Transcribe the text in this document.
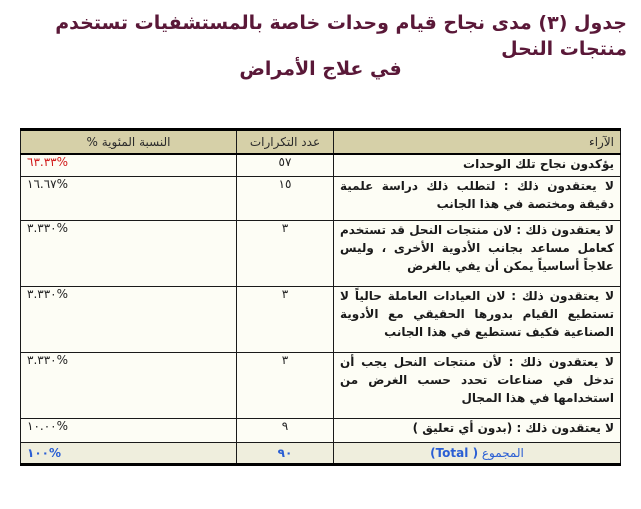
جدول (٣) مدى نجاح قيام وحدات خاصة بالمستشفيات تستخدم منتجات النحل
في علاج الأمراض
الآراء	عدد التكرارات	النسبة المئوية %
يؤكدون نجاح تلك الوحدات	٥٧	%٦٣.٣٣
لا يعتقدون ذلك : لتطلب ذلك دراسة علمية دقيقة ومختصة في هذا الجانب	١٥	%١٦.٦٧
لا يعتقدون ذلك : لان منتجات النحل قد تستخدم كعامل مساعد بجانب الأدوية الأخرى ، وليس علاجاً أساسياً يمكن أن يفي بالغرض	٣	%٣.٣٣٠
لا يعتقدون ذلك : لان العيادات العاملة حالياً لا تستطيع القيام بدورها الحقيقي مع الأدوية الصناعية فكيف تستطيع في هذا الجانب	٣	%٣.٣٣٠
لا يعتقدون ذلك : لأن منتجات النحل يجب أن تدخل في صناعات تحدد حسب الغرض من استخدامها في هذا المجال	٣	%٣.٣٣٠
لا يعتقدون ذلك : (بدون أي تعليق )	٩	%١٠.٠٠
المجموع ( Total)	٩٠	%١٠٠
